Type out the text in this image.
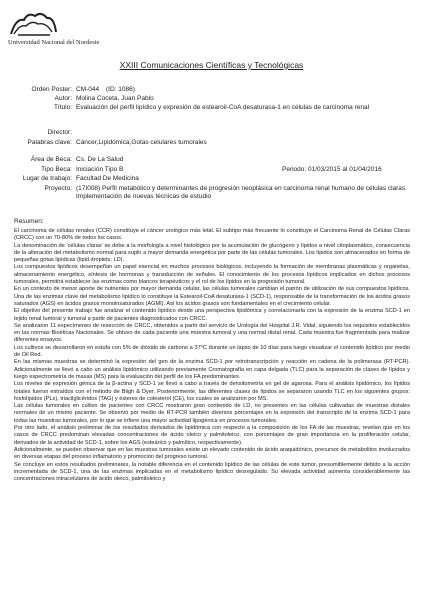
Universidad Nacional del Nordeste
XXIII Comunicaciones Científicas y Tecnológicas
Orden Poster: CM-044	(ID: 1086)
Autor: Molina Coceta, Juan Pablo
Título: Evaluación del perfil lipídico y expresión de estearoil-CoA desaturasa-1 en células de carcinoma renal
Director:
Palabras clave: Cáncer,Lipidómica,Gotas celulares tumorales
Área de Beca: Cs. De La Salud
Tipo Beca: Iniciación Tipo B	Periodo: 01/03/2015 al 01/04/2016
Lugar de trabajo: Facultad De Medicina
Proyecto: (17I008) Perfil metabólico y determinantes de progresión neoplásica en carcinoma renal humano de células claras. Implementación de nuevas técnicas de estudio
Resumen:

El carcinoma de células renales (CCR) constituye el cáncer urológico más letal. El subtipo más frecuente lo constituye el Carcinoma Renal de Células Claras (CRCC) con un 70-80% de todos los casos.

La denominación de 'células claras' se debe a la morfología a nivel histológico por la acumulación de glucógeno y lípidos a nivel citoplasmático, consecuencia de la alteración del metabolismo normal para suplir a mayor demanda energética por parte de las células tumorales. Los lípidos son almacenados en forma de pequeñas gotas lipídicas (lipid droplets: LD).

Los compuestos lipídicos desempeñan un papel esencial en muchos procesos biológicos, incluyendo la formación de membranas plasmáticas y organelas, almacenamiento energético, síntesis de hormonas y transducción de señales. El conocimiento de los procesos lipídicos implicados en dichos procesos tumorales, permitirá establecer las enzimas como blancos terapéuticos y el rol de los lípidos en la progresión tumoral.

En un contexto de menor aporte de nutrientes por mayor demanda celular, las células tumorales cambian el patrón de utilización de sus compuestos lipídicos. Una de las enzimas clave del metabolismo lipídico lo constituye la Estearoil-CoA desaturasa-1 (SCD-1), responsable de la transformación de los ácidos grasos saturados (AGS) en ácidos grasos monoinsaturados (AGMI). Así los ácidos grasos son fundamentales en el crecimiento celular.

El objetivo del presente trabajo fue analizar el contenido lipídico desde una perspectiva lipidómica y correlacionarla con la expresión de la enzima SCD-1 en tejido renal tumoral y tumoral a partir de pacientes diagnosticados con CRCC.

Se analizaron 11 especímenes de resección de CRCC, obtenidos a partir del servicio de Urología del Hospital J.R. Vidal, siguiendo los requisitos establecidos en las normas Bioéticas Nacionales. Se obtuvo de cada paciente una muestra tumoral y una normal distal renal. Cada muestra fue fragmentada para realizar diferentes ensayos.

Los cultivos se desarrollaron en estufa con 5% de dióxido de carbono a 37°C durante un lapso de 10 días para luego visualizar el contenido lipídico por medio de Oil Red.

En las mismas muestras se determinó la expresión del gen de la enzima SCD-1 por retrotranscripción y reacción en cadena de la polimerasa (RT-PCR). Adicionalmente se llevó a cabo un análisis lipidómico utilizando previamente Cromatografía en capa delgada (TLC) para la separación de clases de lípidos y luego espectrometría de masas (MS) para la evaluación del perfil de los FA predominantes.

Los niveles de expresión génica de la β-actina y SCD-1 se llevó a cabo a través de densitometría en gel de agarosa. Para el análisis lipidómico, los lípidos totales fueron extraídos con el método de Bligh & Dyer. Posteriormente, las diferentes clases de lípidos se separaron usando TLC en los siguientes grupos: fosfolípidos (PLs), triacilglicéridos (TAG) y ésteres de colesterol (CE), los cuales se analizaron por MS.

Las células tumorales en cultivo de pacientes con CRCC mostraron gran contenido de LD, no presentes en las células cultivadas de muestras distales normales de un mismo paciente. Se observó por medio de RT-PCR también diversos porcentajes en la expresión del transcripto de la enzima SCD-1 para todas las muestras tumorales, por lo que se infiere una mayor actividad lipogénica en procesos tumorales.

Por otro lado, el análisis preliminar de los resultados derivados de lipidómica con respecto a la composición de los FA de las muestras, revelan que en los casos de CRCC predominan elevadas concentraciones de ácido oleico y palmitoleico, con porcentajes de gran importancia en la proliferación celular, derivados de la actividad de SCD-1, sobre los AGS (esteárico y palmítico, respectivamente).

Adicionalmente, se pueden observar que en las muestras tumorales existe un elevado contenido de ácido araquidónico, precursor de metabolitos involucrados en diversas etapas del proceso inflamatorio y promoción del progreso tumoral.

Se concluye en estos resultados preliminares, la notable diferencia en el contenido lipídico de las células de este tumor, presumiblemente debido a la acción incrementada de SCD-1, una de las enzimas implicadas en el metabolismo lipídico desregulado. Su elevada actividad aumenta considerablemente las concentraciones intracelulares de ácido oleico, palmitoleico y
